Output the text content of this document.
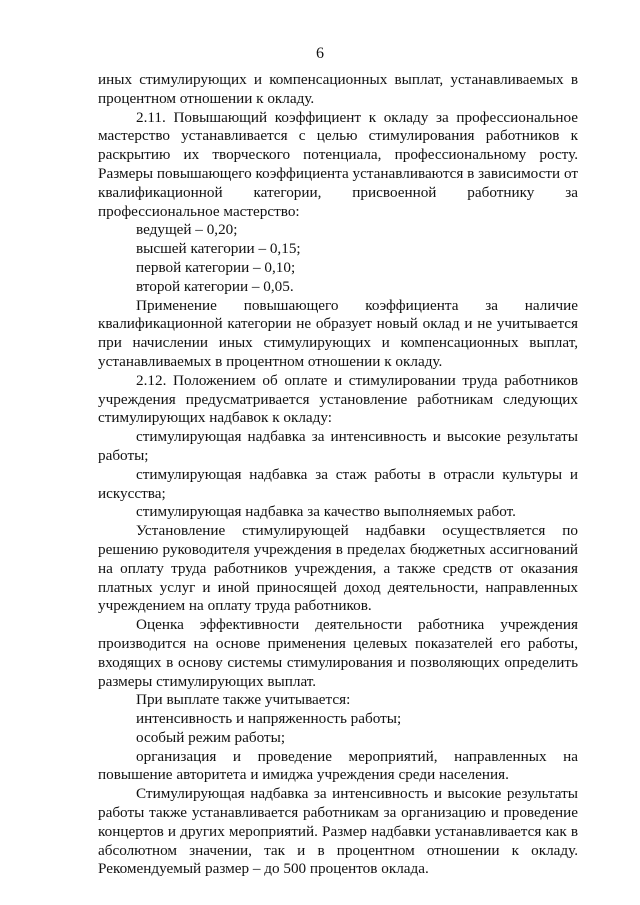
6

иных стимулирующих и компенсационных выплат, устанавливаемых в процентном отношении к окладу.

2.11. Повышающий коэффициент к окладу за профессиональное мастерство устанавливается с целью стимулирования работников к раскрытию их творческого потенциала, профессиональному росту. Размеры повышающего коэффициента устанавливаются в зависимости от квалификационной категории, присвоенной работнику за профессиональное мастерство:

ведущей – 0,20;

высшей категории – 0,15;

первой категории – 0,10;

второй категории – 0,05.

Применение повышающего коэффициента за наличие квалификационной категории не образует новый оклад и не учитывается при начислении иных стимулирующих и компенсационных выплат, устанавливаемых в процентном отношении к окладу.

2.12. Положением об оплате и стимулировании труда работников учреждения предусматривается установление работникам следующих стимулирующих надбавок к окладу:

стимулирующая надбавка за интенсивность и высокие результаты работы;

стимулирующая надбавка за стаж работы в отрасли культуры и искусства;

стимулирующая надбавка за качество выполняемых работ.

Установление стимулирующей надбавки осуществляется по решению руководителя учреждения в пределах бюджетных ассигнований на оплату труда работников учреждения, а также средств от оказания платных услуг и иной приносящей доход деятельности, направленных учреждением на оплату труда работников.

Оценка эффективности деятельности работника учреждения производится на основе применения целевых показателей его работы, входящих в основу системы стимулирования и позволяющих определить размеры стимулирующих выплат.

При выплате также учитывается:

интенсивность и напряженность работы;

особый режим работы;

организация и проведение мероприятий, направленных на повышение авторитета и имиджа учреждения среди населения.

Стимулирующая надбавка за интенсивность и высокие результаты работы также устанавливается работникам за организацию и проведение концертов и других мероприятий. Размер надбавки устанавливается как в абсолютном значении, так и в процентном отношении к окладу. Рекомендуемый размер – до 500 процентов оклада.
